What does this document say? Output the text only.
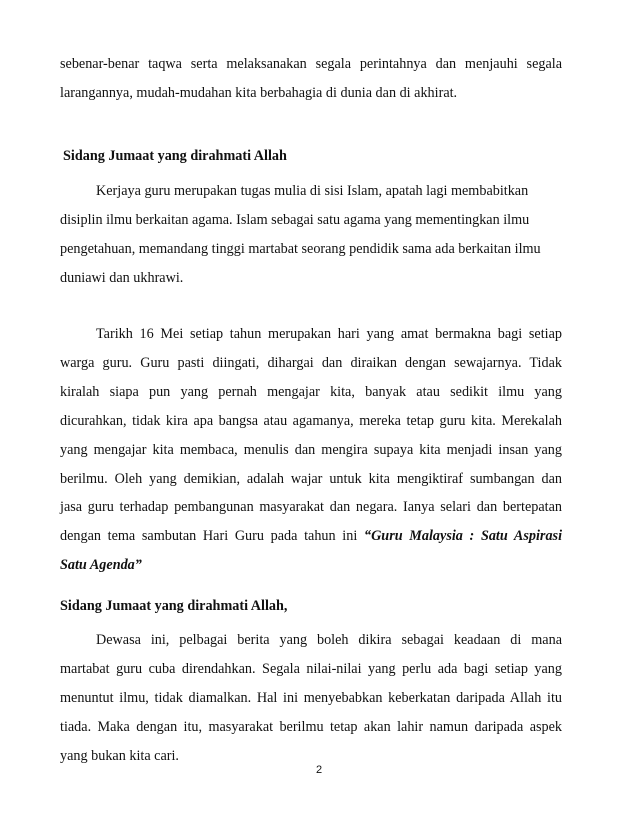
sebenar-benar taqwa serta melaksanakan segala perintahnya dan menjauhi segala
larangannya, mudah-mudahan kita berbahagia di dunia dan di akhirat.
Sidang Jumaat yang dirahmati Allah
Kerjaya guru merupakan tugas mulia di sisi Islam, apatah lagi membabitkan
disiplin ilmu berkaitan agama. Islam sebagai satu agama yang mementingkan ilmu
pengetahuan, memandang tinggi martabat seorang pendidik sama ada berkaitan ilmu
duniawi dan ukhrawi.
Tarikh 16 Mei setiap tahun merupakan hari yang amat bermakna bagi setiap
warga guru. Guru pasti diingati, dihargai dan diraikan dengan sewajarnya. Tidak
kiralah siapa pun yang pernah mengajar kita, banyak atau sedikit ilmu yang
dicurahkan, tidak kira apa bangsa atau agamanya, mereka tetap guru kita. Merekalah
yang mengajar kita membaca, menulis dan mengira supaya kita menjadi insan yang
berilmu. Oleh yang demikian, adalah wajar untuk kita mengiktiraf sumbangan dan
jasa guru terhadap pembangunan masyarakat dan negara. Ianya selari dan bertepatan
dengan tema sambutan Hari Guru pada tahun ini “Guru Malaysia : Satu Aspirasi
Satu Agenda”
Sidang Jumaat yang dirahmati Allah,
Dewasa ini, pelbagai berita yang boleh dikira sebagai keadaan di mana
martabat guru cuba direndahkan. Segala nilai-nilai yang perlu ada bagi setiap yang
menuntut ilmu, tidak diamalkan. Hal ini menyebabkan keberkatan daripada Allah itu
tiada. Maka dengan itu, masyarakat berilmu tetap akan lahir namun daripada aspek
yang bukan kita cari.
2
